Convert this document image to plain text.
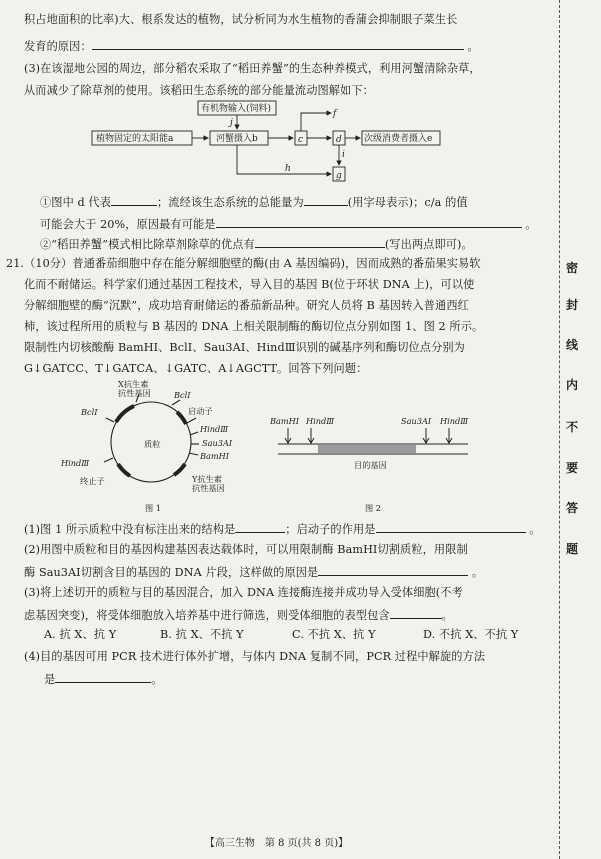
积占地面积的比率)大、根系发达的植物，试分析同为水生植物的香蒲会抑制眼子菜生长
发育的原因：	。
(3)在该湿地公园的周边，部分稻农采取了“稻田养蟹”的生态种养模式，利用河蟹清除杂草，
从而减少了除草剂的使用。该稻田生态系统的部分能量流动图解如下：
有机物输入(饲料)
植物固定的太阳能a	河蟹摄入b	次级消费者摄入e
c	d
g
f
j
h
i
①图中 d 代表	；流经该生态系统的总能量为	(用字母表示)；c/a 的值
可能会大于 20%，原因最有可能是	。
②“稻田养蟹”模式相比除草剂除草的优点有	(写出两点即可)。
21.（10分）普通番茄细胞中存在能分解细胞壁的酶(由 A 基因编码)，因而成熟的番茄果实易软
化而不耐储运。科学家们通过基因工程技术，导入目的基因 B(位于环状 DNA 上)，可以使
分解细胞壁的酶“沉默”，成功培育耐储运的番茄新品种。研究人员将 B 基因转入普通西红
柿，该过程所用的质粒与 B 基因的 DNA 上相关限制酶的酶切位点分别如图 1、图 2 所示。
限制性内切核酸酶 BamHⅠ、BclⅠ、Sau3AⅠ、HindⅢ识别的碱基序列和酶切位点分别为
G↓GATCC、T↓GATCA、↓GATC、A↓AGCTT。回答下列问题：
X抗生素
抗性基因
BclⅠ
BclⅠ
启动子
HindⅢ
Sau3AⅠ
BamHⅠ
质粒
HindⅢ
终止子	Y抗生素
抗性基因
图 1
BamHⅠ HindⅢ	Sau3AⅠ HindⅢ
目的基因
图 2
(1)图 1 所示质粒中没有标注出来的结构是	；启动子的作用是	。
(2)用图中质粒和目的基因构建基因表达载体时，可以用限制酶 BamHⅠ切割质粒，用限制
酶 Sau3AⅠ切割含目的基因的 DNA 片段，这样做的原因是	。
(3)将上述切开的质粒与目的基因混合，加入 DNA 连接酶连接并成功导入受体细胞(不考
虑基因突变)，将受体细胞放入培养基中进行筛选，则受体细胞的表型包含	。
A. 抗 X、抗 Y	B. 抗 X、不抗 Y	C. 不抗 X、抗 Y	D. 不抗 X、不抗 Y
(4)目的基因可用 PCR 技术进行体外扩增，与体内 DNA 复制不同，PCR 过程中解旋的方法
是	。
密
封
线
内
不
要
答
题
【高三生物　第 8 页(共 8 页)】
